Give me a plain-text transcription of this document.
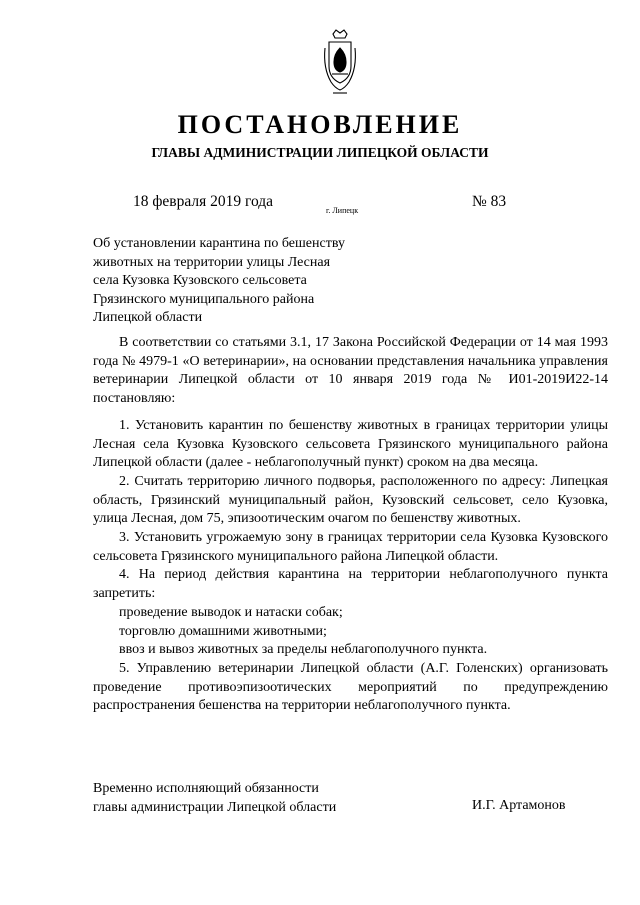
ПОСТАНОВЛЕНИЕ
ГЛАВЫ АДМИНИСТРАЦИИ ЛИПЕЦКОЙ ОБЛАСТИ
18 февраля 2019 года
г. Липецк
№ 83
Об установлении карантина по бешенству
животных на территории улицы Лесная
села Кузовка Кузовского сельсовета
Грязинского муниципального района
Липецкой области

В соответствии со статьями 3.1, 17 Закона Российской Федерации от 14 мая 1993 года № 4979-1 «О ветеринарии», на основании представления начальника управления ветеринарии Липецкой области от 10 января 2019 года № И01-2019И22-14 постановляю:

1. Установить карантин по бешенству животных в границах территории улицы Лесная села Кузовка Кузовского сельсовета Грязинского муниципального района Липецкой области (далее - неблагополучный пункт) сроком на два месяца.

2. Считать территорию личного подворья, расположенного по адресу: Липецкая область, Грязинский муниципальный район, Кузовский сельсовет, село Кузовка, улица Лесная, дом 75, эпизоотическим очагом по бешенству животных.

3. Установить угрожаемую зону в границах территории села Кузовка Кузовского сельсовета Грязинского муниципального района Липецкой области.

4. На период действия карантина на территории неблагополучного пункта запретить:

проведение выводок и натаски собак;

торговлю домашними животными;

ввоз и вывоз животных за пределы неблагополучного пункта.

5. Управлению ветеринарии Липецкой области (А.Г. Голенских) организовать проведение противоэпизоотических мероприятий по предупреждению распространения бешенства на территории неблагополучного пункта.

Временно исполняющий обязанности
главы администрации Липецкой области	И.Г. Артамонов
